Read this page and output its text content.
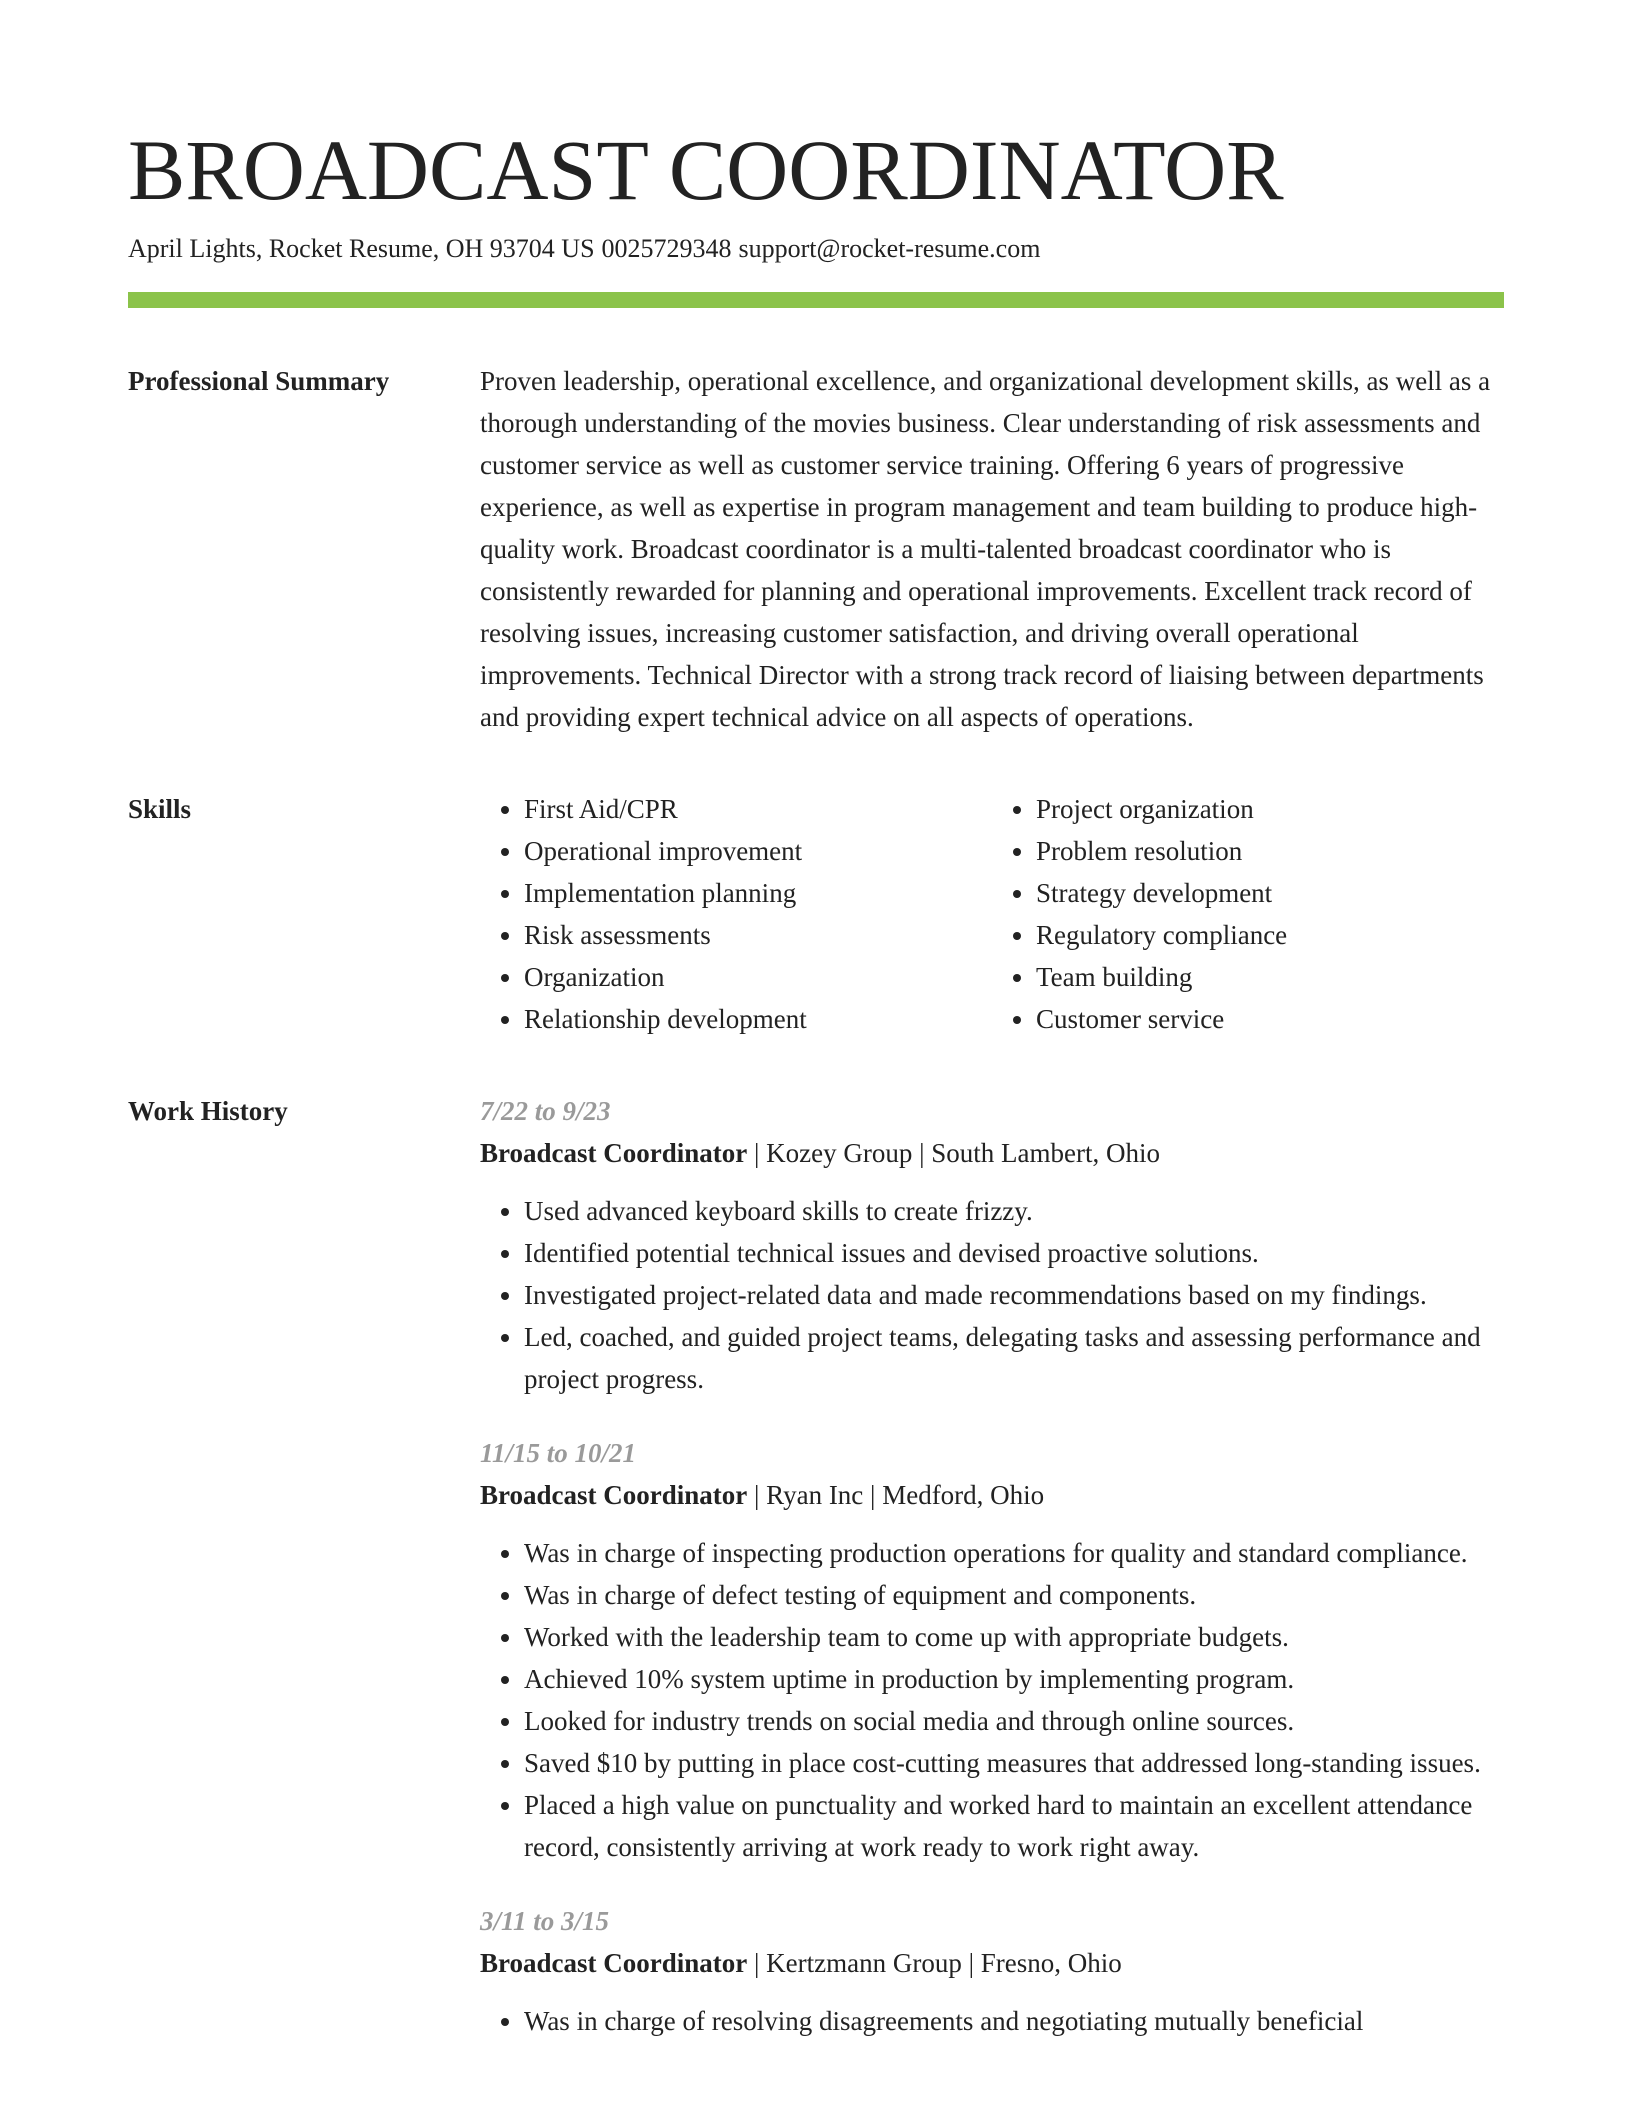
BROADCAST COORDINATOR
April Lights, Rocket Resume, OH 93704 US 0025729348 support@rocket-resume.com
Professional Summary	Proven leadership, operational excellence, and organizational development skills, as well as a thorough understanding of the movies business. Clear understanding of risk assessments and customer service as well as customer service training. Offering 6 years of progressive experience, as well as expertise in program management and team building to produce high-quality work. Broadcast coordinator is a multi-talented broadcast coordinator who is consistently rewarded for planning and operational improvements. Excellent track record of resolving issues, increasing customer satisfaction, and driving overall operational improvements. Technical Director with a strong track record of liaising between departments and providing expert technical advice on all aspects of operations.

Skills
•	First Aid/CPR
• Operational improvement
• Implementation planning
• Risk assessments
• Organization
• Relationship development
• Project organization
• Problem resolution
• Strategy development
• Regulatory compliance
• Team building
• Customer service
Work History	7/22 to 9/23
Broadcast Coordinator | Kozey Group | South Lambert, Ohio
• Used advanced keyboard skills to create frizzy.
• Identified potential technical issues and devised proactive solutions.
• Investigated project-related data and made recommendations based on my findings.
• Led, coached, and guided project teams, delegating tasks and assessing performance and project progress.
11/15 to 10/21
Broadcast Coordinator | Ryan Inc | Medford, Ohio
• Was in charge of inspecting production operations for quality and standard compliance.
• Was in charge of defect testing of equipment and components.
• Worked with the leadership team to come up with appropriate budgets.
• Achieved 10% system uptime in production by implementing program.
• Looked for industry trends on social media and through online sources.
• Saved $10 by putting in place cost-cutting measures that addressed long-standing issues.
• Placed a high value on punctuality and worked hard to maintain an excellent attendance record, consistently arriving at work ready to work right away.
3/11 to 3/15
Broadcast Coordinator | Kertzmann Group | Fresno, Ohio
• Was in charge of resolving disagreements and negotiating mutually beneficial
